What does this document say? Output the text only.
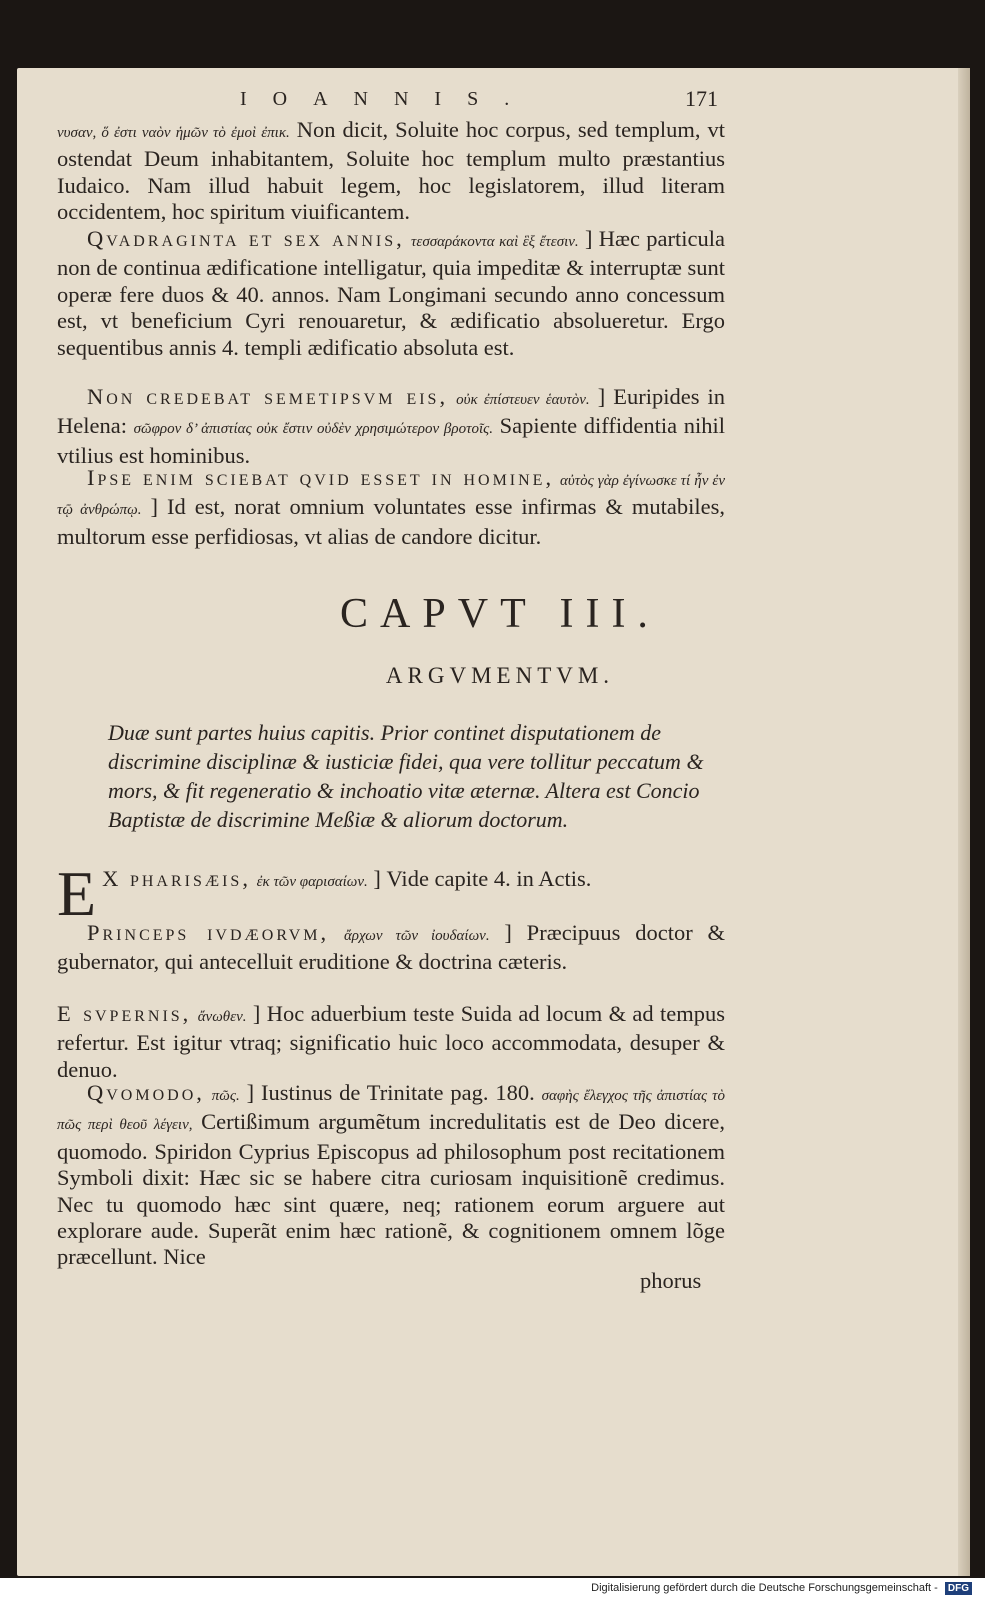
IOANNIS.	171

νυσαν, ὅ ἐστι ναὸν ἡμῶν τὸ ἐμοὶ ἐπικ. Non dicit, Soluite hoc corpus, sed templum, vt ostendat Deum inhabitantem, Soluite hoc templum multo præstantius Iudaico. Nam illud habuit legem, hoc legislatorem, illud literam occidentem, hoc spiritum viuificantem.

Qvadraginta et sex annis, τεσσαράκοντα καὶ ἓξ ἔτεσιν. ] Hæc particula non de continua ædificatione intelligatur, quia impeditæ & interruptæ sunt operæ fere duos & 40. annos. Nam Longimani secundo anno concessum est, vt beneficium Cyri renouaretur, & ædificatio absolueretur. Ergo sequentibus annis 4. templi ædificatio absoluta est.

Non credebat semetipsvm eis, οὐκ ἐπίστευεν ἑαυτὸν. ] Euripides in Helena: σῶφρον δ’ ἀπιστίας οὐκ ἔστιν οὐδὲν χρησιμώτερον βροτοῖς. Sapiente diffidentia nihil vtilius est hominibus.

Ipse enim sciebat qvid esset in homine, αὐτὸς γὰρ ἐγίνωσκε τί ἦν ἐν τῷ ἀνθρώπῳ. ] Id est, norat omnium voluntates esse infirmas & mutabiles, multorum esse perfidiosas, vt alias de candore dicitur.

CAPVT III.
ARGVMENTVM.

Duæ sunt partes huius capitis. Prior continet disputationem de discrimine disciplinæ & iusticiæ fidei, qua vere tollitur peccatum & mors, & fit regeneratio & inchoatio vitæ æternæ. Altera est Concio Baptistæ de discrimine Meßiæ & aliorum doctorum.

E X pharisæis, ἐκ τῶν φαρισαίων. ] Vide capite 4. in Actis.

Princeps ivdæorvm, ἄρχων τῶν ἰουδαίων. ] Præcipuus doctor & gubernator, qui antecelluit eruditione & doctrina cæteris.

E svpernis, ἄνωθεν. ] Hoc aduerbium teste Suida ad locum & ad tempus refertur. Est igitur vtraq; significatio huic loco accommodata, desuper & denuo.

Qvomodo, πῶς. ] Iustinus de Trinitate pag. 180. σαφὴς ἔλεγχος τῆς ἀπιστίας τὸ πῶς περὶ θεοῦ λέγειν, Certißimum argumẽtum incredulitatis est de Deo dicere, quomodo. Spiridon Cyprius Episcopus ad philosophum post recitationem Symboli dixit: Hæc sic se habere citra curiosam inquisitionẽ credimus. Nec tu quomodo hæc sint quære, neq; rationem eorum arguere aut explorare aude. Superãt enim hæc rationẽ, & cognitionem omnem lõge præcellunt. Nice

phorus
Digitalisierung gefördert durch die Deutsche Forschungsgemeinschaft - DFG
